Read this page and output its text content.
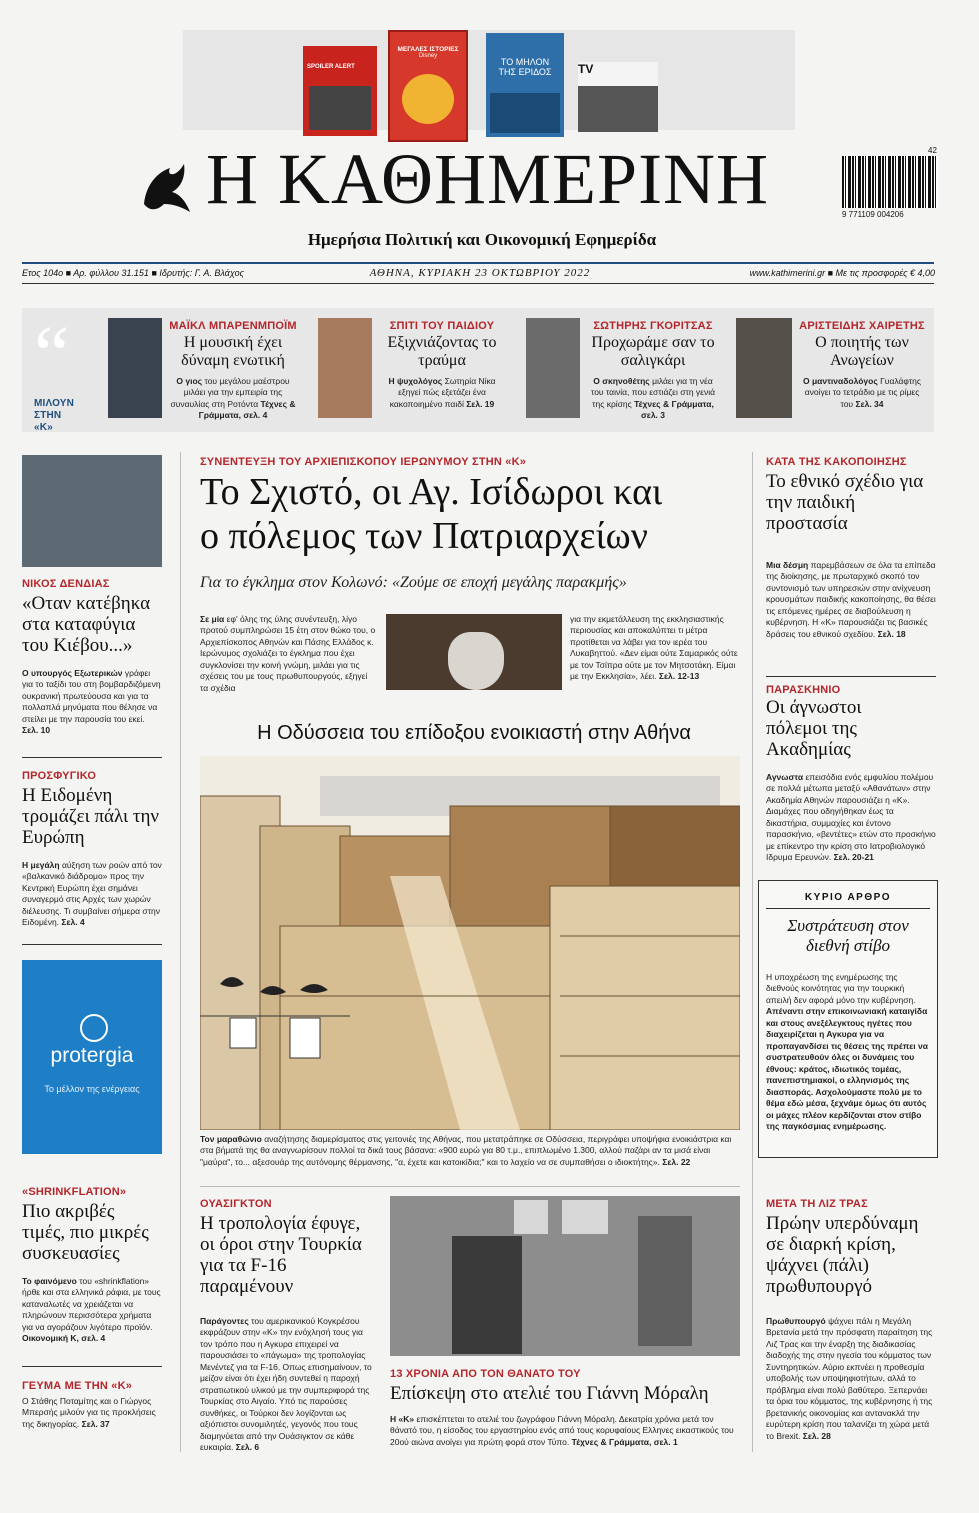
SPOILER ALERT
ΜΕΓΑΛΕΣ ΙΣΤΟΡΙΕΣ
Disney
ΤΟ ΜΗΛΟΝ
ΤΗΣ ΕΡΙΔΟΣ	TV
Η ΚΑΘΗΜΕΡΙΝΗ	9 771109 004206
42
Ημερήσια Πολιτική και Οικονομική Εφημερίδα
Ετος 104ο ■ Αρ. φύλλου 31.151 ■ Ιδρυτής: Γ. Α. Βλάχος	ΑΘΗΝΑ, ΚΥΡΙΑΚΗ 23 ΟΚΤΩΒΡΙΟΥ 2022	www.kathimerini.gr ■ Με τις προσφορές € 4,00
“
ΜΙΛΟΥΝ ΣΤΗΝ «Κ»
ΜΑΪΚΛ ΜΠΑΡΕΝΜΠΟΪΜ
Η μουσική έχει δύναμη ενωτική
Ο γιος του μεγάλου μαέστρου μιλάει για την εμπειρία της συναυλίας στη Ροτόντα Τέχνες & Γράμματα, σελ. 4
ΣΠΙΤΙ ΤΟΥ ΠΑΙΔΙΟΥ
Εξιχνιάζοντας το τραύμα
Η ψυχολόγος Σωτηρία Νίκα εξηγεί πώς εξετάζει ένα κακοποιημένο παιδί Σελ. 19
ΣΩΤΗΡΗΣ ΓΚΟΡΙΤΣΑΣ
Προχωράμε σαν το σαλιγκάρι
Ο σκηνοθέτης μιλάει για τη νέα του ταινία, που εστιάζει στη γενιά της κρίσης Τέχνες & Γράμματα, σελ. 3
ΑΡΙΣΤΕΙΔΗΣ ΧΑΙΡΕΤΗΣ
Ο ποιητής των Ανωγείων
Ο μαντιναδολόγος Γυαλάφτης ανοίγει το τετράδιο με τις ρίμες του Σελ. 34
ΝΙΚΟΣ ΔΕΝΔΙΑΣ
«Οταν κατέβηκα στα καταφύγια του Κιέβου...»
Ο υπουργός Εξωτερικών γράφει για το ταξίδι του στη βομβαρδιζόμενη ουκρανική πρωτεύουσα και για τα πολλαπλά μηνύματα που θέλησε να στείλει με την παρουσία του εκεί. Σελ. 10
ΠΡΟΣΦΥΓΙΚΟ
Η Ειδομένη τρομάζει πάλι την Ευρώπη
Η μεγάλη αύξηση των ροών από τον «βαλκανικό διάδρομο» προς την Κεντρική Ευρώπη έχει σημάνει συναγερμό στις Αρχές των χωρών διέλευσης. Τι συμβαίνει σήμερα στην Ειδομένη. Σελ. 4
protergia
Το μέλλον της ενέργειας
«SHRINKFLATION»
Πιο ακριβές τιμές, πιο μικρές συσκευασίες
Το φαινόμενο του «shrinkflation» ήρθε και στα ελληνικά ράφια, με τους καταναλωτές να χρειάζεται να πληρώνουν περισσότερα χρήματα για να αγοράζουν λιγότερο προϊόν. Οικονομική Κ, σελ. 4
ΓΕΥΜΑ ΜΕ ΤΗΝ «Κ»
Ο Στάθης Ποταμίτης και ο Γιώργος Μπερσής μιλούν για τις προκλήσεις της δικηγορίας. Σελ. 37
ΣΥΝΕΝΤΕΥΞΗ ΤΟΥ ΑΡΧΙΕΠΙΣΚΟΠΟΥ ΙΕΡΩΝΥΜΟΥ ΣΤΗΝ «Κ»
Το Σχιστό, οι Αγ. Ισίδωροι και
ο πόλεμος των Πατριαρχείων
Για το έγκλημα στον Κολωνό: «Ζούμε σε εποχή μεγάλης παρακμής»
Σε μία εφ' όλης της ύλης συνέντευξη, λίγο προτού συμπληρώσει 15 έτη στον θώκο του, ο Αρχιεπίσκοπος Αθηνών και Πάσης Ελλάδος κ. Ιερώνυμος σχολιάζει το έγκλημα που έχει συγκλονίσει την κοινή γνώμη, μιλάει για τις σχέσεις του με τους πρωθυπουργούς, εξηγεί τα σχέδια
για την εκμετάλλευση της εκκλησιαστικής περιουσίας και αποκαλύπτει τι μέτρα προτίθεται να λάβει για τον ιερέα του Λυκαβηττού. «Δεν είμαι ούτε Σαμαρικός ούτε με τον Τσίπρα ούτε με τον Μητσοτάκη. Είμαι με την Εκκλησία», λέει. Σελ. 12-13
Η Οδύσσεια του επίδοξου ενοικιαστή στην Αθήνα
Τον μαραθώνιο αναζήτησης διαμερίσματος στις γειτονιές της Αθήνας, που μετατράπηκε σε Οδύσσεια, περιγράφει υποψήφια ενοικιάστρια και στα βήματά της θα αναγνωρίσουν πολλοί τα δικά τους βάσανα: «900 ευρώ για 80 τ.μ., επιπλωμένο 1.300, αλλού παζάρι αν τα μισά είναι "μαύρα", το... αξεσουάρ της αυτόνομης θέρμανσης, "α, έχετε και κατοικίδια;" και το λαχείο να σε συμπαθήσει ο ιδιοκτήτης». Σελ. 22
ΚΑΤΑ ΤΗΣ ΚΑΚΟΠΟΙΗΣΗΣ
Το εθνικό σχέδιο για την παιδική προστασία
Μια δέσμη παρεμβάσεων σε όλα τα επίπεδα της διοίκησης, με πρωταρχικό σκοπό τον συντονισμό των υπηρεσιών στην ανίχνευση κρουσμάτων παιδικής κακοποίησης, θα θέσει τις επόμενες ημέρες σε διαβούλευση η κυβέρνηση. Η «Κ» παρουσιάζει τις βασικές δράσεις του εθνικού σχεδίου. Σελ. 18
ΠΑΡΑΣΚΗΝΙΟ
Οι άγνωστοι πόλεμοι της Ακαδημίας
Αγνωστα επεισόδια ενός εμφυλίου πολέμου σε πολλά μέτωπα μεταξύ «Αθανάτων» στην Ακαδημία Αθηνών παρουσιάζει η «Κ». Διαμάχες που οδηγήθηκαν έως τα δικαστήρια, συμμαχίες και έντονο παρασκήνιο, «βεντέτες» ετών στο προσκήνιο με επίκεντρο την κρίση στο Ιατροβιολογικό Ιδρυμα Ερευνών. Σελ. 20-21
ΚΥΡΙΟ ΑΡΘΡΟ
Συστράτευση στον διεθνή στίβο
Η υποχρέωση της ενημέρωσης της διεθνούς κοινότητας για την τουρκική απειλή δεν αφορά μόνο την κυβέρνηση. Απέναντι στην επικοινωνιακή καταιγίδα και στους ανεξέλεγκτους ηγέτες που διαχειρίζεται η Αγκυρα για να προπαγανδίσει τις θέσεις της πρέπει να συστρατευθούν όλες οι δυνάμεις του έθνους: κράτος, ιδιωτικός τομέας, πανεπιστημιακοί, ο ελληνισμός της διασποράς. Ασχολούμαστε πολύ με το θέμα εδώ μέσα, ξεχνάμε όμως ότι αυτός οι μάχες πλέον κερδίζονται στον στίβο της παγκόσμιας ενημέρωσης.
ΜΕΤΑ ΤΗ ΛΙΖ ΤΡΑΣ
Πρώην υπερδύναμη σε διαρκή κρίση, ψάχνει (πάλι) πρωθυπουργό
Πρωθυπουργό ψάχνει πάλι η Μεγάλη Βρετανία μετά την πρόσφατη παραίτηση της Λιζ Τρας και την έναρξη της διαδικασίας διαδοχής της στην ηγεσία του κόμματος των Συντηρητικών. Αύριο εκπνέει η προθεσμία υποβολής των υποψηφιοτήτων, αλλά το πρόβλημα είναι πολύ βαθύτερο. Ξεπερνάει τα όρια του κόμματος, της κυβέρνησης ή της βρετανικής οικονομίας και αντανακλά την ευρύτερη κρίση που ταλανίζει τη χώρα μετά το Brexit. Σελ. 28
ΟΥΑΣΙΓΚΤΟΝ
Η τροπολογία έφυγε, οι όροι στην Τουρκία για τα F-16 παραμένουν
Παράγοντες του αμερικανικού Κογκρέσου εκφράζουν στην «Κ» την ενόχλησή τους για τον τρόπο που η Αγκυρα επιχειρεί να παρουσιάσει το «πάγωμα» της τροπολογίας Μενέντεζ για τα F-16. Οπως επισημαίνουν, το μείζον είναι ότι έχει ήδη συντεθεί η παροχή στρατιωτικού υλικού με την συμπεριφορά της Τουρκίας στο Αιγαίο. Υπό τις παρούσες συνθήκες, οι Τούρκοι δεν λογίζονται ως αξιόπιστοι συνομιλητές, γεγονός που τους διαμηνύεται από την Ουάσιγκτον σε κάθε ευκαιρία. Σελ. 6
13 ΧΡΟΝΙΑ ΑΠΟ ΤΟΝ ΘΑΝΑΤΟ ΤΟΥ
Επίσκεψη στο ατελιέ του Γιάννη Μόραλη
Η «Κ» επισκέπτεται το ατελιέ του ζωγράφου Γιάννη Μόραλη. Δεκατρία χρόνια μετά τον θάνατό του, η είσοδος του εργαστηρίου ενός από τους κορυφαίους Ελληνες εικαστικούς του 20ού αιώνα ανοίγει για πρώτη φορά στον Τύπο. Τέχνες & Γράμματα, σελ. 1
